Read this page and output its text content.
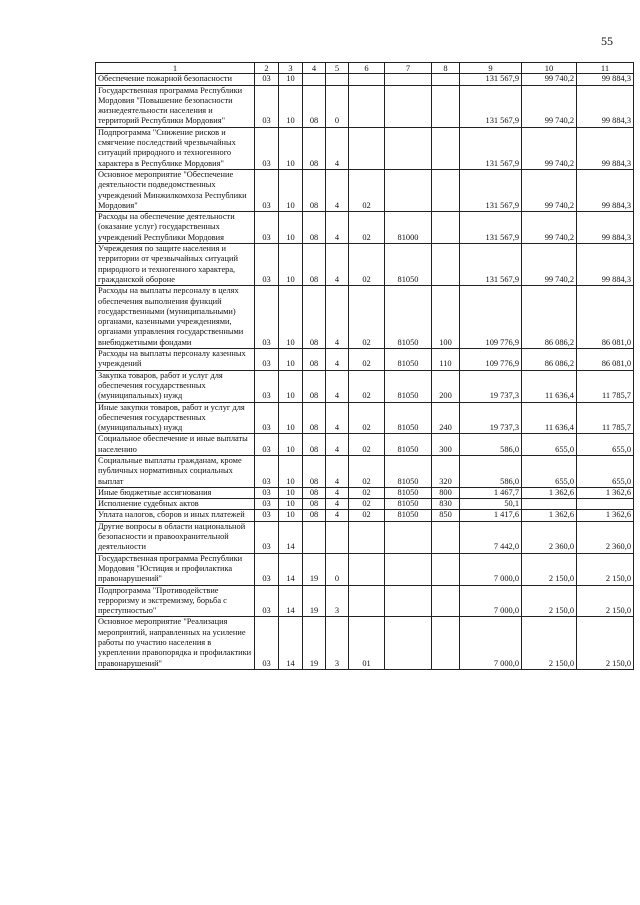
55
1	2	3	4	5	6	7	8	9	10	11
Обеспечение пожарной безопасности	03	10						131 567,9	99 740,2	99 884,3
Государственная программа Республики Мордовия "Повышение безопасности жизнедеятельности населения и территорий Республики Мордовия"	03	10	08	0				131 567,9	99 740,2	99 884,3
Подпрограмма "Снижение рисков и смягчение последствий чрезвычайных ситуаций природного и техногенного характера в Республике Мордовия"	03	10	08	4				131 567,9	99 740,2	99 884,3
Основное мероприятие "Обеспечение деятельности подведомственных учреждений Минжилкомхоза Республики Мордовия"	03	10	08	4	02			131 567,9	99 740,2	99 884,3
Расходы на обеспечение деятельности (оказание услуг) государственных учреждений Республики Мордовия	03	10	08	4	02	81000		131 567,9	99 740,2	99 884,3
Учреждения по защите населения и территории от чрезвычайных ситуаций природного и техногенного характера, гражданской обороне	03	10	08	4	02	81050		131 567,9	99 740,2	99 884,3
Расходы на выплаты персоналу в целях обеспечения выполнения функций государственными (муниципальными) органами, казенными учреждениями, органами управления государственными внебюджетными фондами	03	10	08	4	02	81050	100	109 776,9	86 086,2	86 081,0
Расходы на выплаты персоналу казенных учреждений	03	10	08	4	02	81050	110	109 776,9	86 086,2	86 081,0
Закупка товаров, работ и услуг для обеспечения государственных (муниципальных) нужд	03	10	08	4	02	81050	200	19 737,3	11 636,4	11 785,7
Иные закупки товаров, работ и услуг для обеспечения государственных (муниципальных) нужд	03	10	08	4	02	81050	240	19 737,3	11 636,4	11 785,7
Социальное обеспечение и иные выплаты населению	03	10	08	4	02	81050	300	586,0	655,0	655,0
Социальные выплаты гражданам, кроме публичных нормативных социальных выплат	03	10	08	4	02	81050	320	586,0	655,0	655,0
Иные бюджетные ассигнования	03	10	08	4	02	81050	800	1 467,7	1 362,6	1 362,6
Исполнение судебных актов	03	10	08	4	02	81050	830	50,1		
Уплата налогов, сборов и иных платежей	03	10	08	4	02	81050	850	1 417,6	1 362,6	1 362,6
Другие вопросы в области национальной безопасности и правоохранительной деятельности	03	14						7 442,0	2 360,0	2 360,0
Государственная программа Республики Мордовия "Юстиция и профилактика правонарушений"	03	14	19	0				7 000,0	2 150,0	2 150,0
Подпрограмма "Противодействие терроризму и экстремизму, борьба с преступностью"	03	14	19	3				7 000,0	2 150,0	2 150,0
Основное мероприятие "Реализация мероприятий, направленных на усиление работы по участию населения в укреплении правопорядка и профилактики правонарушений"	03	14	19	3	01			7 000,0	2 150,0	2 150,0
